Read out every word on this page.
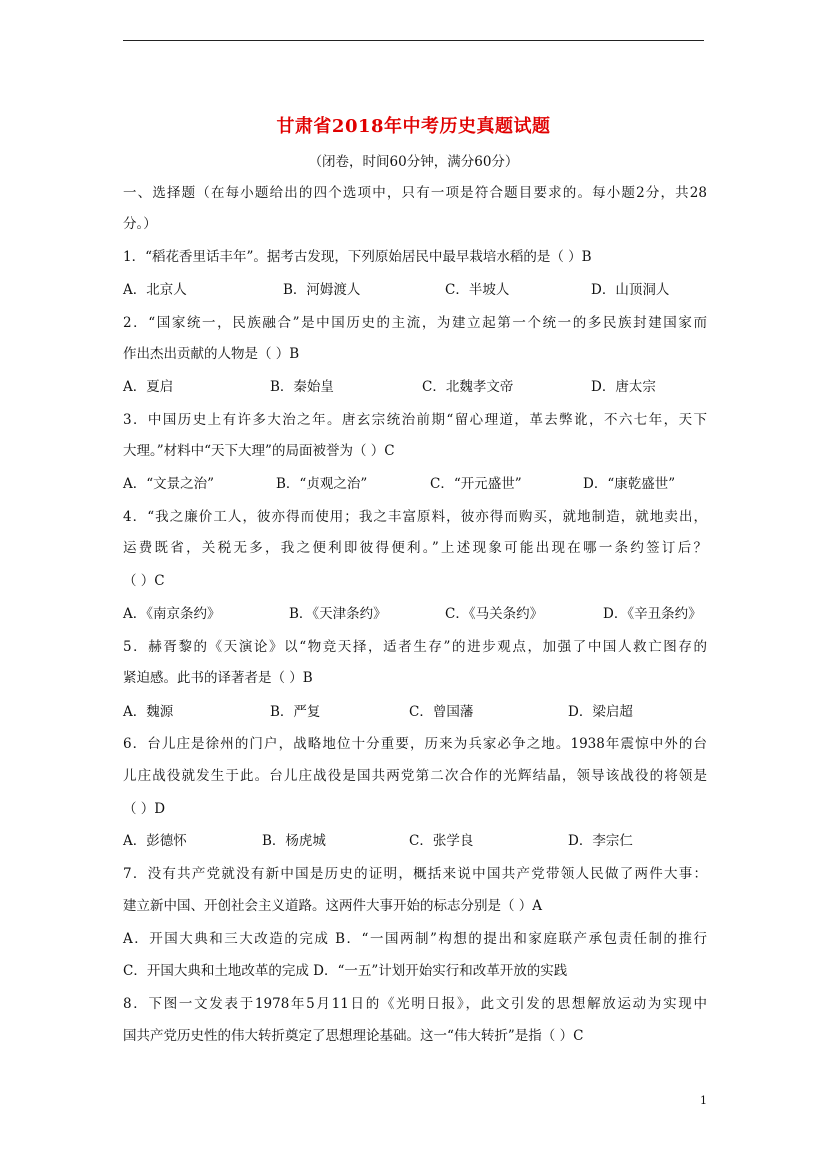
甘肃省2018年中考历史真题试题
（闭卷，时间60分钟，满分60分）
一、选择题（在每小题给出的四个选项中，只有一项是符合题目要求的。每小题2分，共28
分。）
1．“稻花香里话丰年”。据考古发现，下列原始居民中最早栽培水稻的是（ ）B
A．北京人	B．河姆渡人	C．半坡人	D．山顶洞人
2．“国家统一，民族融合”是中国历史的主流，为建立起第一个统一的多民族封建国家而
作出杰出贡献的人物是（ ）B
A．夏启	B．秦始皇	C．北魏孝文帝	D．唐太宗
3．中国历史上有许多大治之年。唐玄宗统治前期“留心理道，革去弊讹，不六七年，天下
大理。”材料中“天下大理”的局面被誉为（ ）C
A．“文景之治”	B．“贞观之治”	C．“开元盛世”	D．“康乾盛世”
4．“我之廉价工人，彼亦得而使用；我之丰富原料，彼亦得而购买，就地制造，就地卖出，
运费既省，关税无多，我之便利即彼得便利。”上述现象可能出现在哪一条约签订后？
（ ）C
A．《南京条约》	B．《天津条约》	C．《马关条约》	D．《辛丑条约》
5．赫胥黎的《天演论》以“物竞天择，适者生存”的进步观点，加强了中国人救亡图存的
紧迫感。此书的译著者是（ ）B
A．魏源	B．严复	C．曾国藩	D．梁启超
6．台儿庄是徐州的门户，战略地位十分重要，历来为兵家必争之地。1938年震惊中外的台
儿庄战役就发生于此。台儿庄战役是国共两党第二次合作的光辉结晶，领导该战役的将领是
（ ）D
A．彭德怀	B．杨虎城	C．张学良	D．李宗仁
7．没有共产党就没有新中国是历史的证明，概括来说中国共产党带领人民做了两件大事：
建立新中国、开创社会主义道路。这两件大事开始的标志分别是（ ）A
A．开国大典和三大改造的完成 B．“一国两制”构想的提出和家庭联产承包责任制的推行
C．开国大典和土地改革的完成 D．“一五”计划开始实行和改革开放的实践
8．下图一文发表于1978年5月11日的《光明日报》，此文引发的思想解放运动为实现中
国共产党历史性的伟大转折奠定了思想理论基础。这一“伟大转折”是指（ ）C
1
